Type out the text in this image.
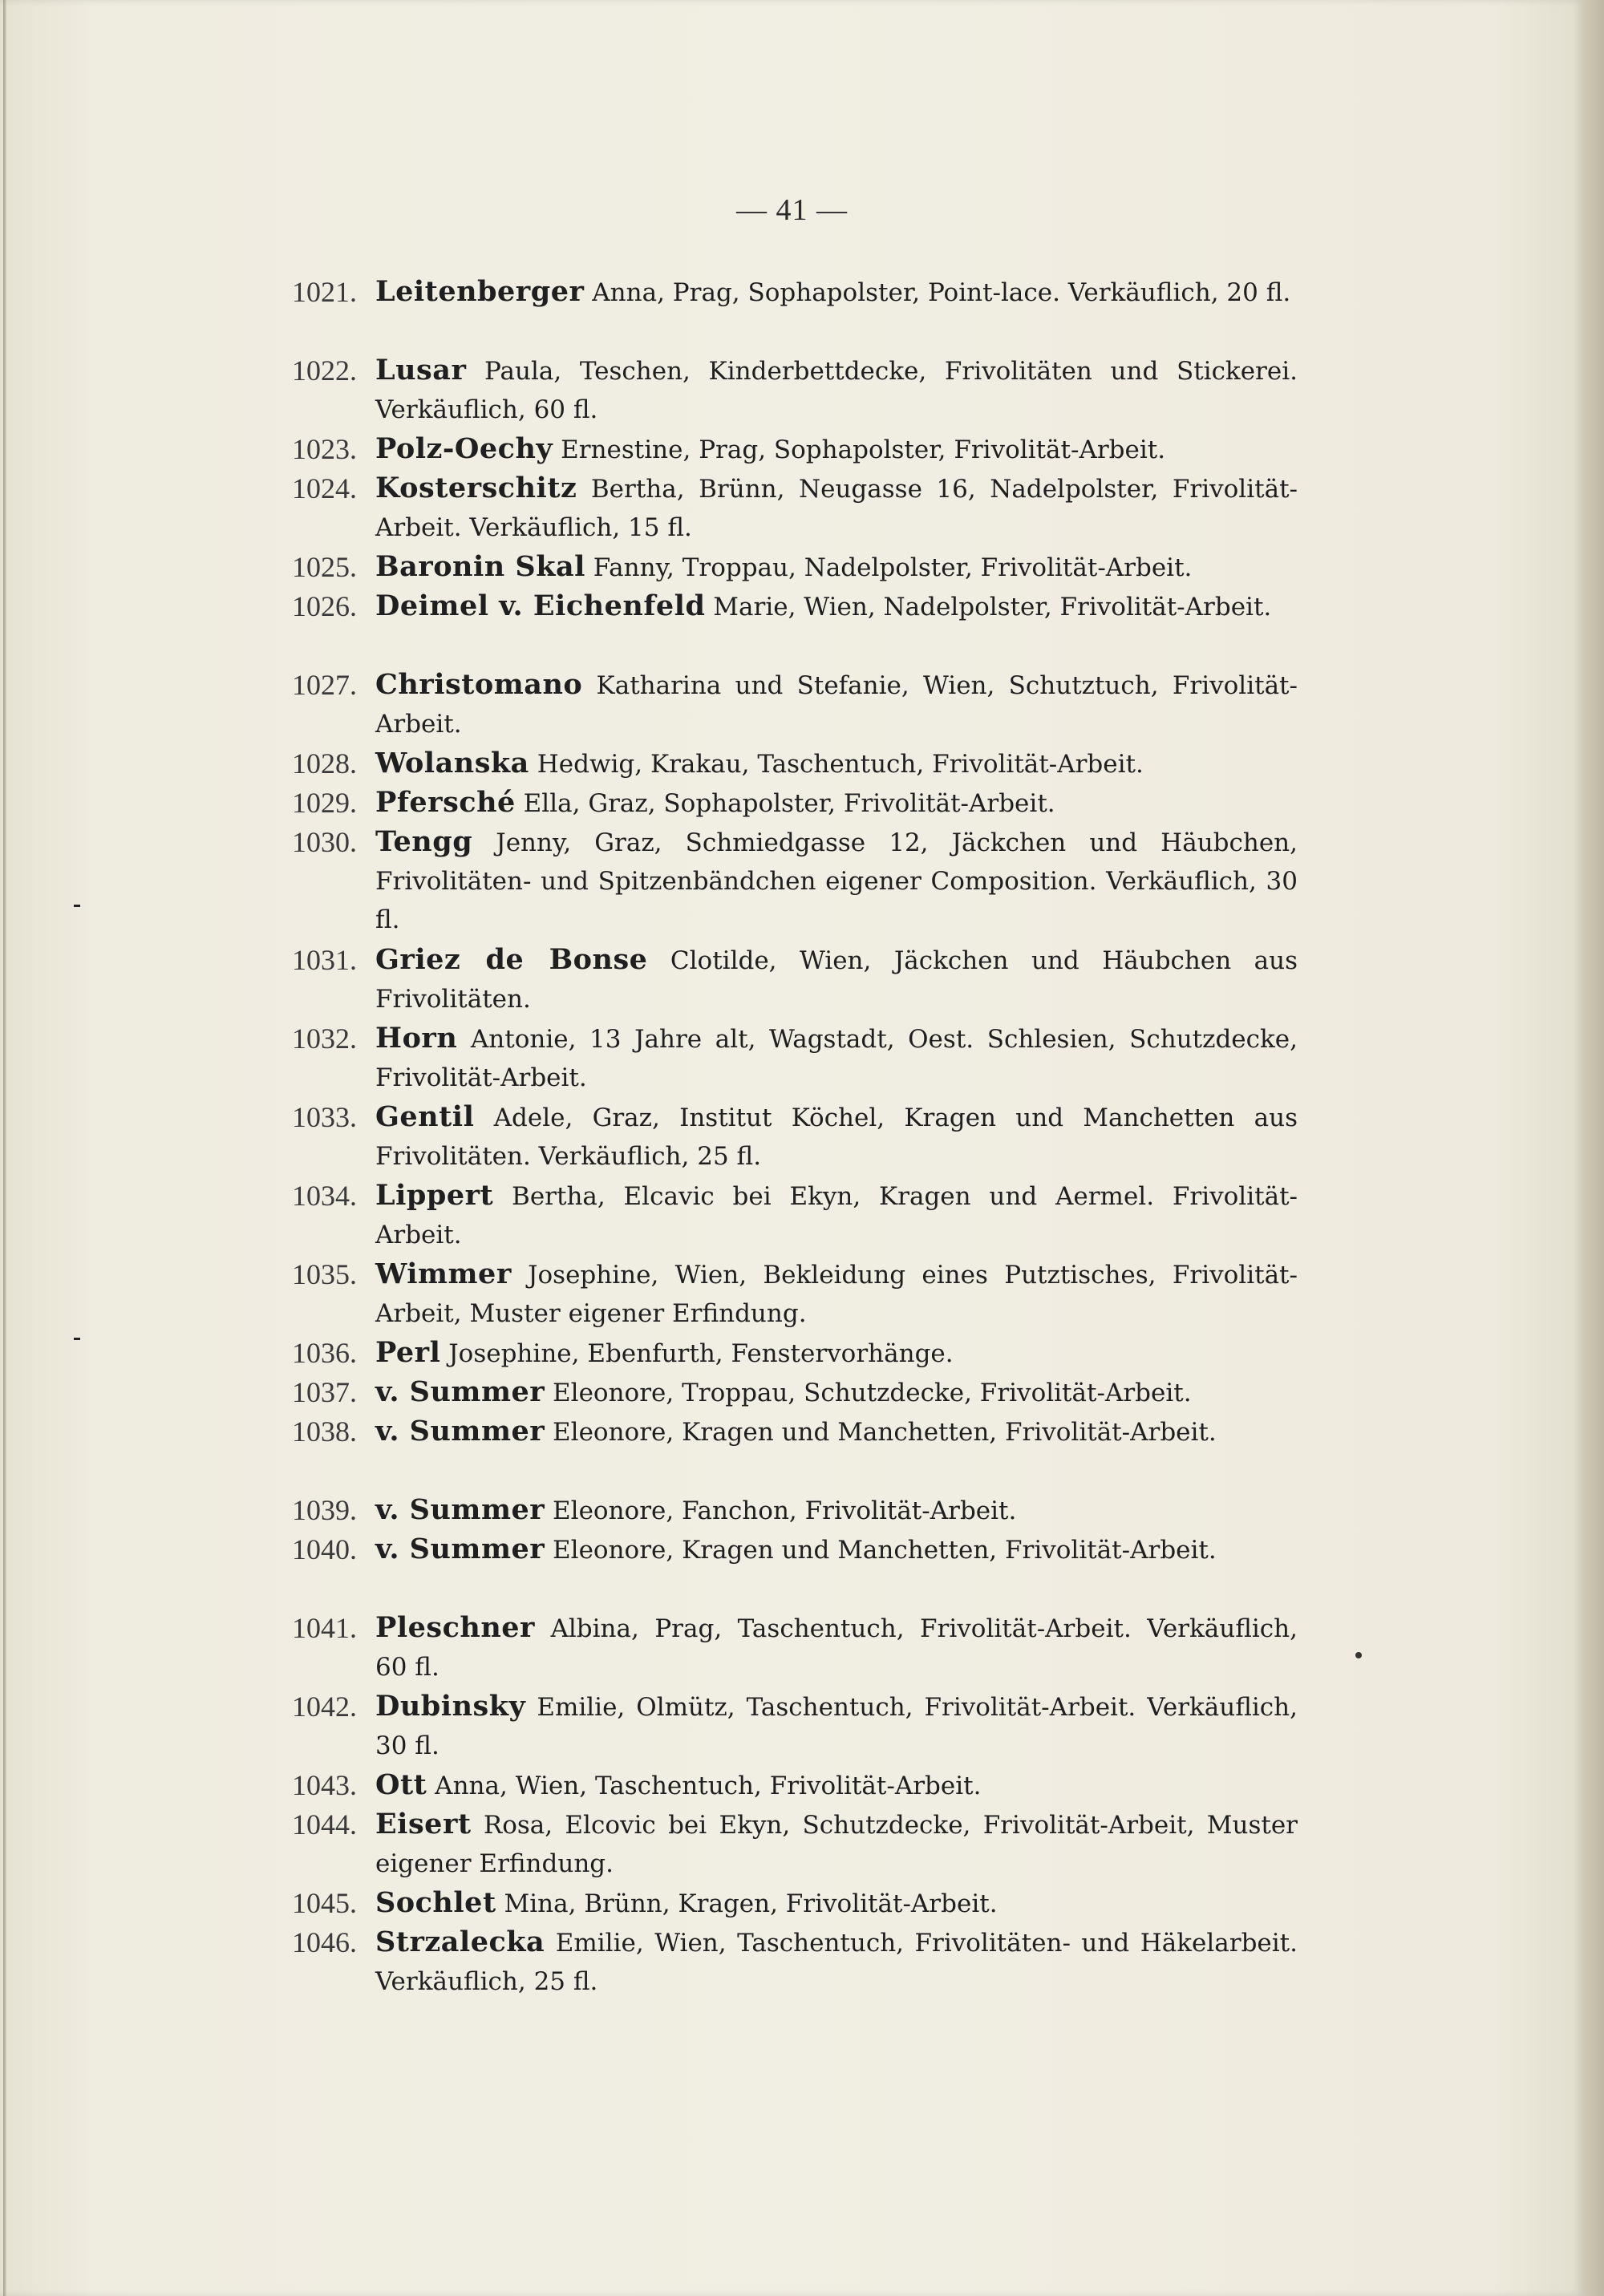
— 41 —
1021. Leitenberger Anna, Prag, Sophapolster, Point-lace. Verkäuflich, 20 fl.
1022. Lusar Paula, Teschen, Kinderbettdecke, Frivolitäten und Stickerei. Verkäuflich, 60 fl.
1023. Polz-Oechy Ernestine, Prag, Sophapolster, Frivolität-Arbeit.
1024. Kosterschitz Bertha, Brünn, Neugasse 16, Nadelpolster, Frivolität-Arbeit. Verkäuflich, 15 fl.
1025. Baronin Skal Fanny, Troppau, Nadelpolster, Frivolität-Arbeit.
1026. Deimel v. Eichenfeld Marie, Wien, Nadelpolster, Frivolität-Arbeit.
1027. Christomano Katharina und Stefanie, Wien, Schutztuch, Frivolität-Arbeit.
1028. Wolanska Hedwig, Krakau, Taschentuch, Frivolität-Arbeit.
1029. Pfersché Ella, Graz, Sophapolster, Frivolität-Arbeit.
1030. Tengg Jenny, Graz, Schmiedgasse 12, Jäckchen und Häubchen, Frivolitäten- und Spitzenbändchen eigener Composition. Verkäuflich, 30 fl.
1031. Griez de Bonse Clotilde, Wien, Jäckchen und Häubchen aus Frivolitäten.
1032. Horn Antonie, 13 Jahre alt, Wagstadt, Oest. Schlesien, Schutzdecke, Frivolität-Arbeit.
1033. Gentil Adele, Graz, Institut Köchel, Kragen und Manchetten aus Frivolitäten. Verkäuflich, 25 fl.
1034. Lippert Bertha, Elcavic bei Ekyn, Kragen und Aermel. Frivolität-Arbeit.
1035. Wimmer Josephine, Wien, Bekleidung eines Putztisches, Frivolität-Arbeit, Muster eigener Erfindung.
1036. Perl Josephine, Ebenfurth, Fenstervorhänge.
1037. v. Summer Eleonore, Troppau, Schutzdecke, Frivolität-Arbeit.
1038. v. Summer Eleonore, Kragen und Manchetten, Frivolität-Arbeit.
1039. v. Summer Eleonore, Fanchon, Frivolität-Arbeit.
1040. v. Summer Eleonore, Kragen und Manchetten, Frivolität-Arbeit.
1041. Pleschner Albina, Prag, Taschentuch, Frivolität-Arbeit. Verkäuflich, 60 fl.
1042. Dubinsky Emilie, Olmütz, Taschentuch, Frivolität-Arbeit. Verkäuflich, 30 fl.
1043. Ott Anna, Wien, Taschentuch, Frivolität-Arbeit.
1044. Eisert Rosa, Elcovic bei Ekyn, Schutzdecke, Frivolität-Arbeit, Muster eigener Erfindung.
1045. Sochlet Mina, Brünn, Kragen, Frivolität-Arbeit.
1046. Strzalecka Emilie, Wien, Taschentuch, Frivolitäten- und Häkelarbeit. Verkäuflich, 25 fl.
